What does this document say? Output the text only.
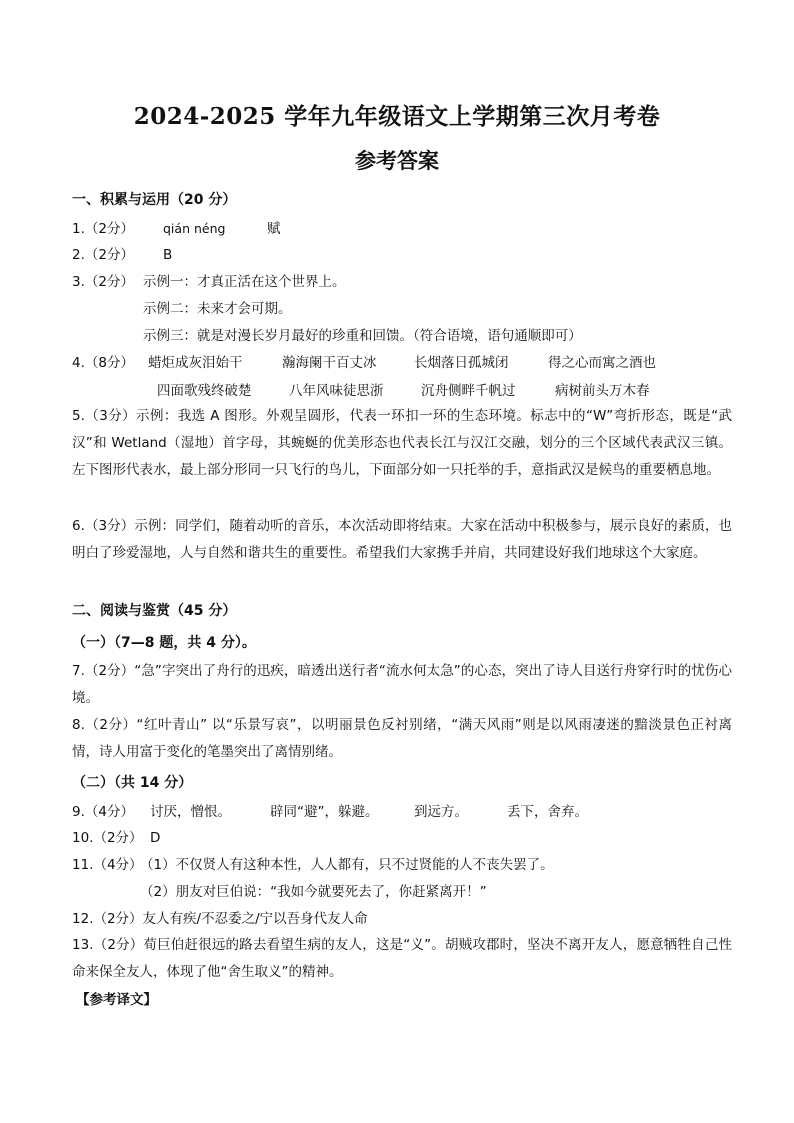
2024-2025 学年九年级语文上学期第三次月考卷
参考答案
一、积累与运用（20 分）
1.（2分） qián néng	赋
2.（2分） B
3.（2分） 示例一：才真正活在这个世界上。
示例二：未来才会可期。
示例三：就是对漫长岁月最好的珍重和回馈。（符合语境，语句通顺即可）
4.（8分） 蜡炬成灰泪始干	瀚海阑干百丈冰	长烟落日孤城闭	得之心而寓之酒也
四面歌残终破楚	八年风味徒思浙	沉舟侧畔千帆过	病树前头万木春
5.（3分）示例：我选 A 图形。外观呈圆形，代表一环扣一环的生态环境。标志中的“W”弯折形态，既是“武汉”和 Wetland（湿地）首字母，其蜿蜒的优美形态也代表长江与汉江交融，划分的三个区域代表武汉三镇。左下图形代表水，最上部分形同一只飞行的鸟儿，下面部分如一只托举的手，意指武汉是候鸟的重要栖息地。
6.（3分）示例：同学们，随着动听的音乐，本次活动即将结束。大家在活动中积极参与，展示良好的素质，也明白了珍爱湿地，人与自然和谐共生的重要性。希望我们大家携手并肩，共同建设好我们地球这个大家庭。
二、阅读与鉴赏（45 分）
（一）（7—8 题，共 4 分）。
7.（2分）“急”字突出了舟行的迅疾，暗透出送行者“流水何太急”的心态，突出了诗人目送行舟穿行时的忧伤心境。
8.（2分）“红叶青山” 以“乐景写哀”，以明丽景色反衬别绪，“满天风雨”则是以风雨凄迷的黯淡景色正衬离情，诗人用富于变化的笔墨突出了离情别绪。
（二）（共 14 分）
9.（4分） 讨厌，憎恨。	辟同“避”，躲避。	到远方。	丢下，舍弃。
10.（2分） D
11.（4分）
（1）不仅贤人有这种本性，人人都有，只不过贤能的人不丧失罢了。
（2）朋友对巨伯说：“我如今就要死去了，你赶紧离开！”
12.（2分）友人有疾/不忍委之/宁以吾身代友人命
13.（2分）荀巨伯赶很远的路去看望生病的友人，这是“义”。胡贼攻郡时，坚决不离开友人，愿意牺牲自己性命来保全友人，体现了他“舍生取义”的精神。
【参考译文】
